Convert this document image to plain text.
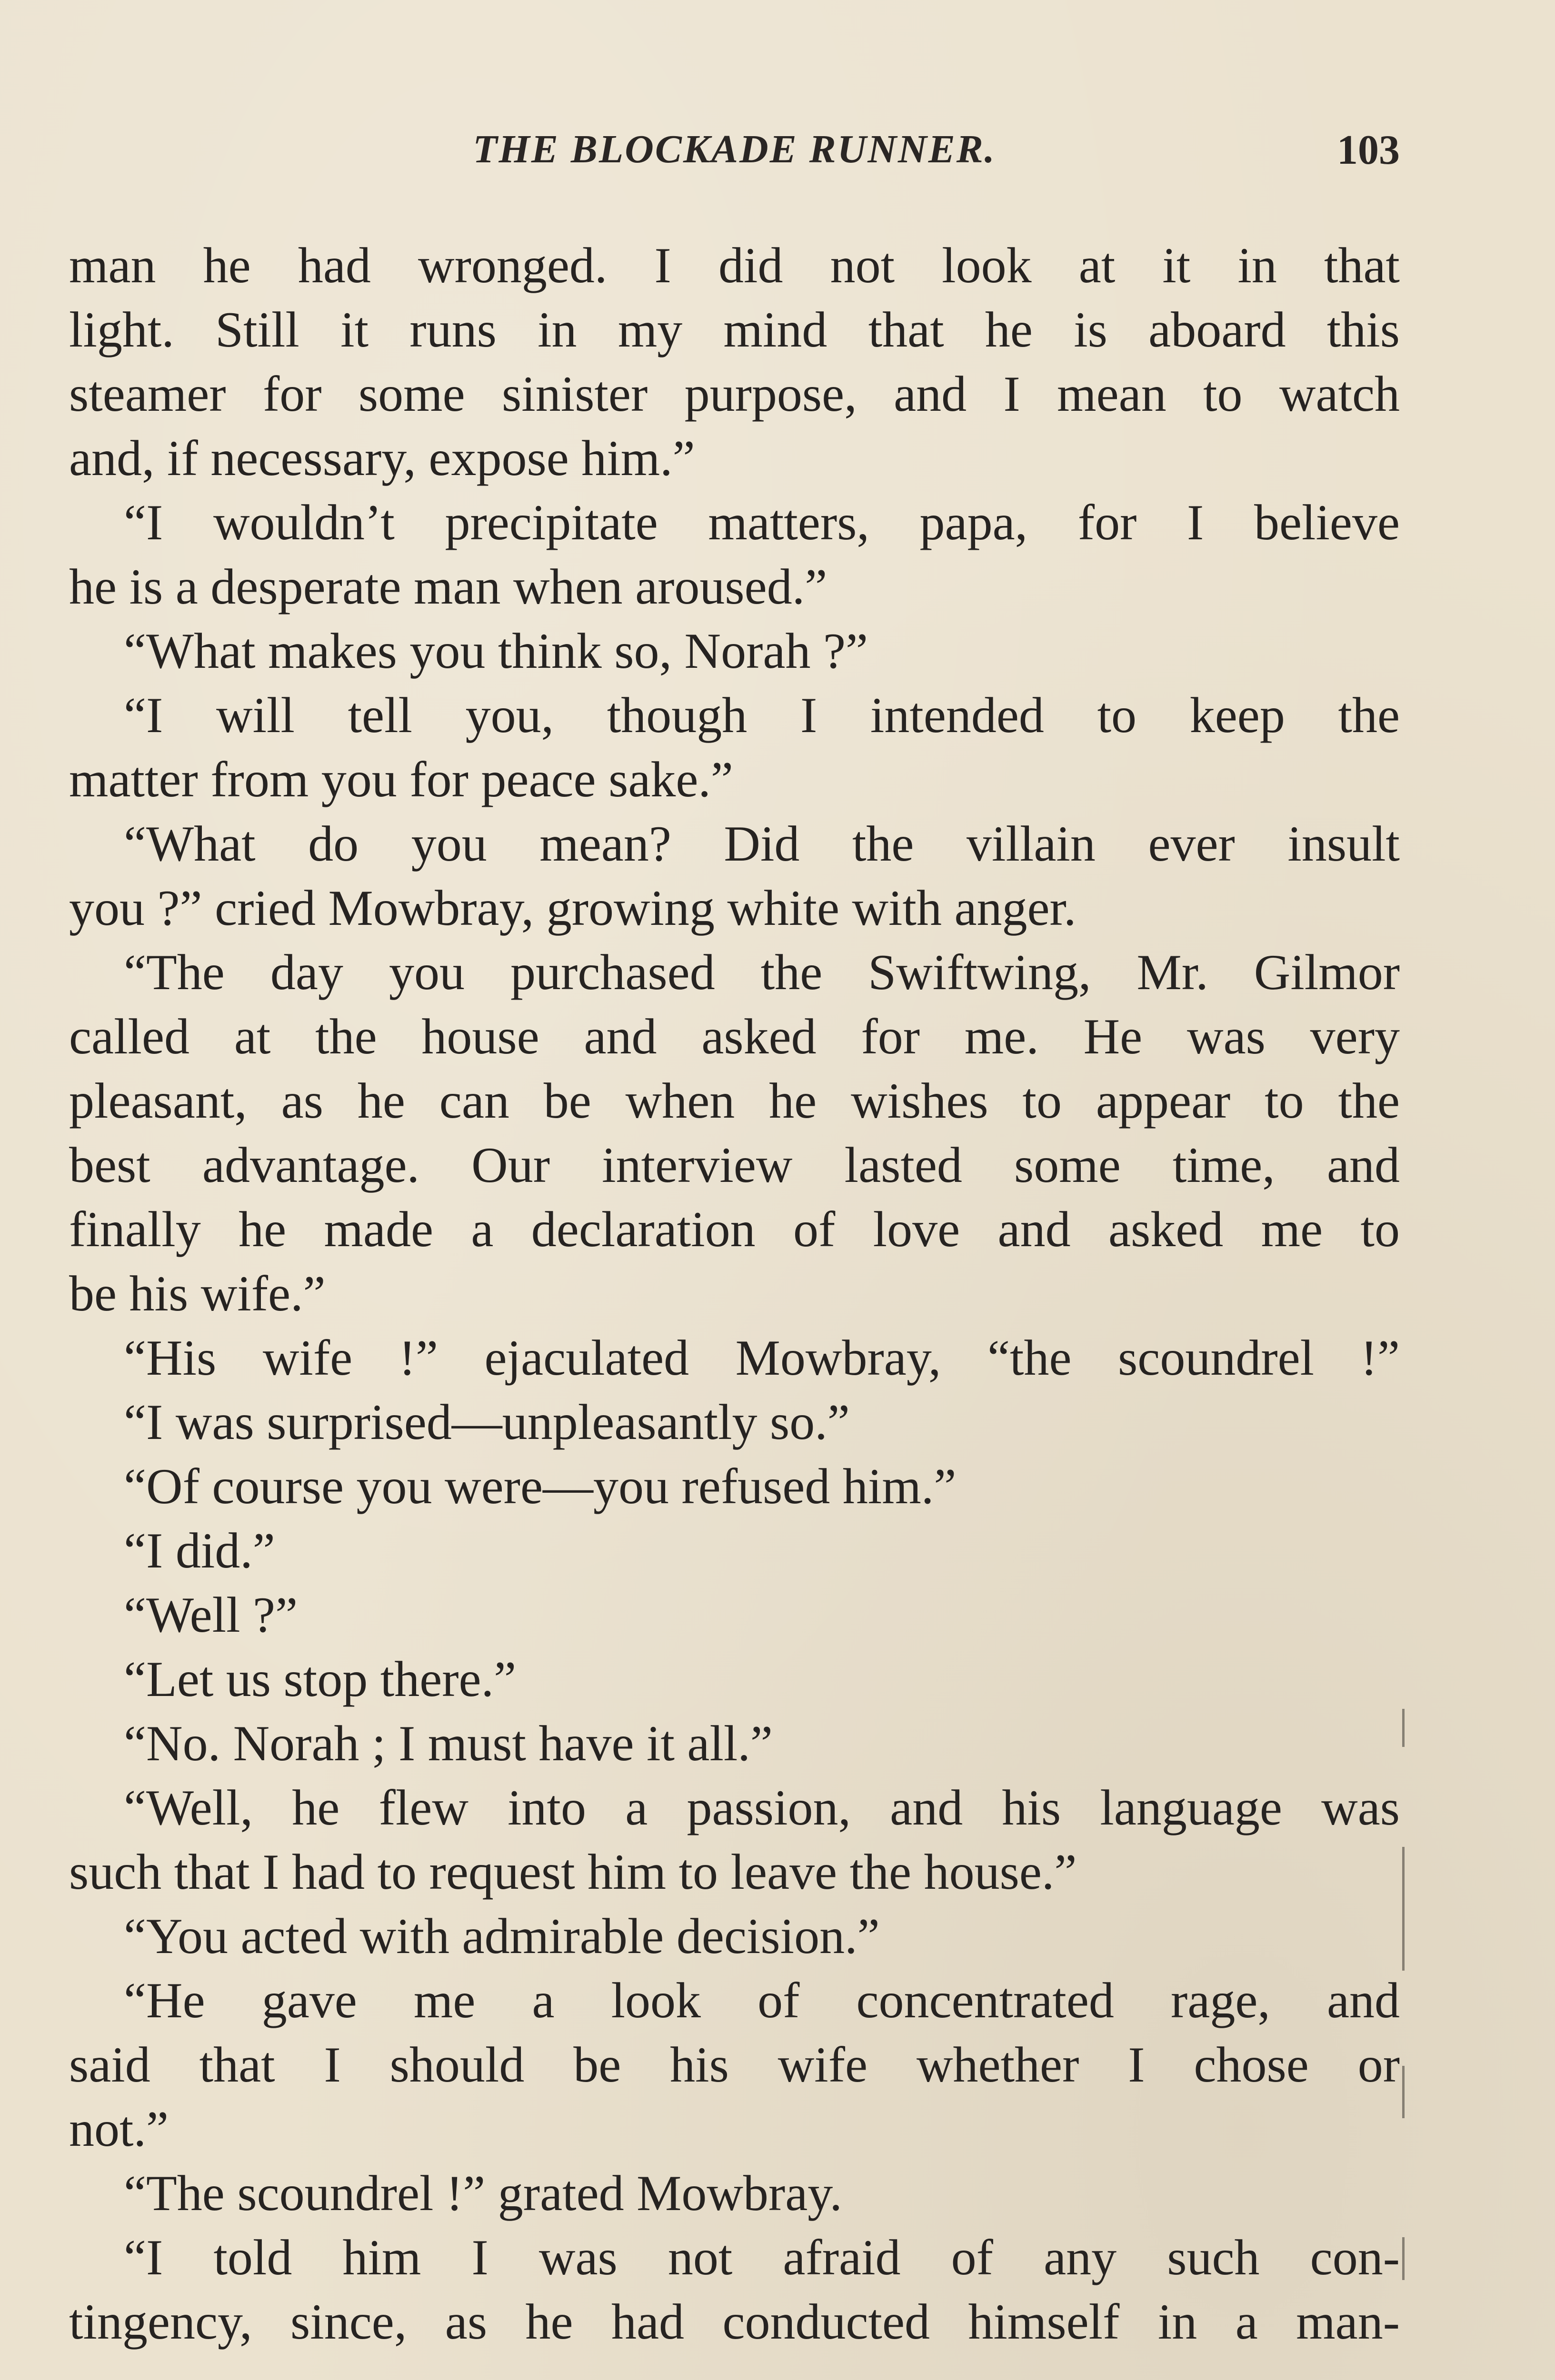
THE BLOCKADE RUNNER.	103
man he had wronged. I did not look at it in that
light. Still it runs in my mind that he is aboard this
steamer for some sinister purpose, and I mean to watch
and, if necessary, expose him.”
“I wouldn’t precipitate matters, papa, for I believe
he is a desperate man when aroused.”
“What makes you think so, Norah ?”
“I will tell you, though I intended to keep the
matter from you for peace sake.”
“What do you mean? Did the villain ever insult
you ?” cried Mowbray, growing white with anger.
“The day you purchased the Swiftwing, Mr. Gilmor
called at the house and asked for me. He was very
pleasant, as he can be when he wishes to appear to the
best advantage. Our interview lasted some time, and
finally he made a declaration of love and asked me to
be his wife.”
“His wife !” ejaculated Mowbray, “the scoundrel !”
“I was surprised—unpleasantly so.”
“Of course you were—you refused him.”
“I did.”
“Well ?”
“Let us stop there.”
“No. Norah ; I must have it all.”
“Well, he flew into a passion, and his language was
such that I had to request him to leave the house.”
“You acted with admirable decision.”
“He gave me a look of concentrated rage, and
said that I should be his wife whether I chose or
not.”
“The scoundrel !” grated Mowbray.
“I told him I was not afraid of any such con-
tingency, since, as he had conducted himself in a man-
